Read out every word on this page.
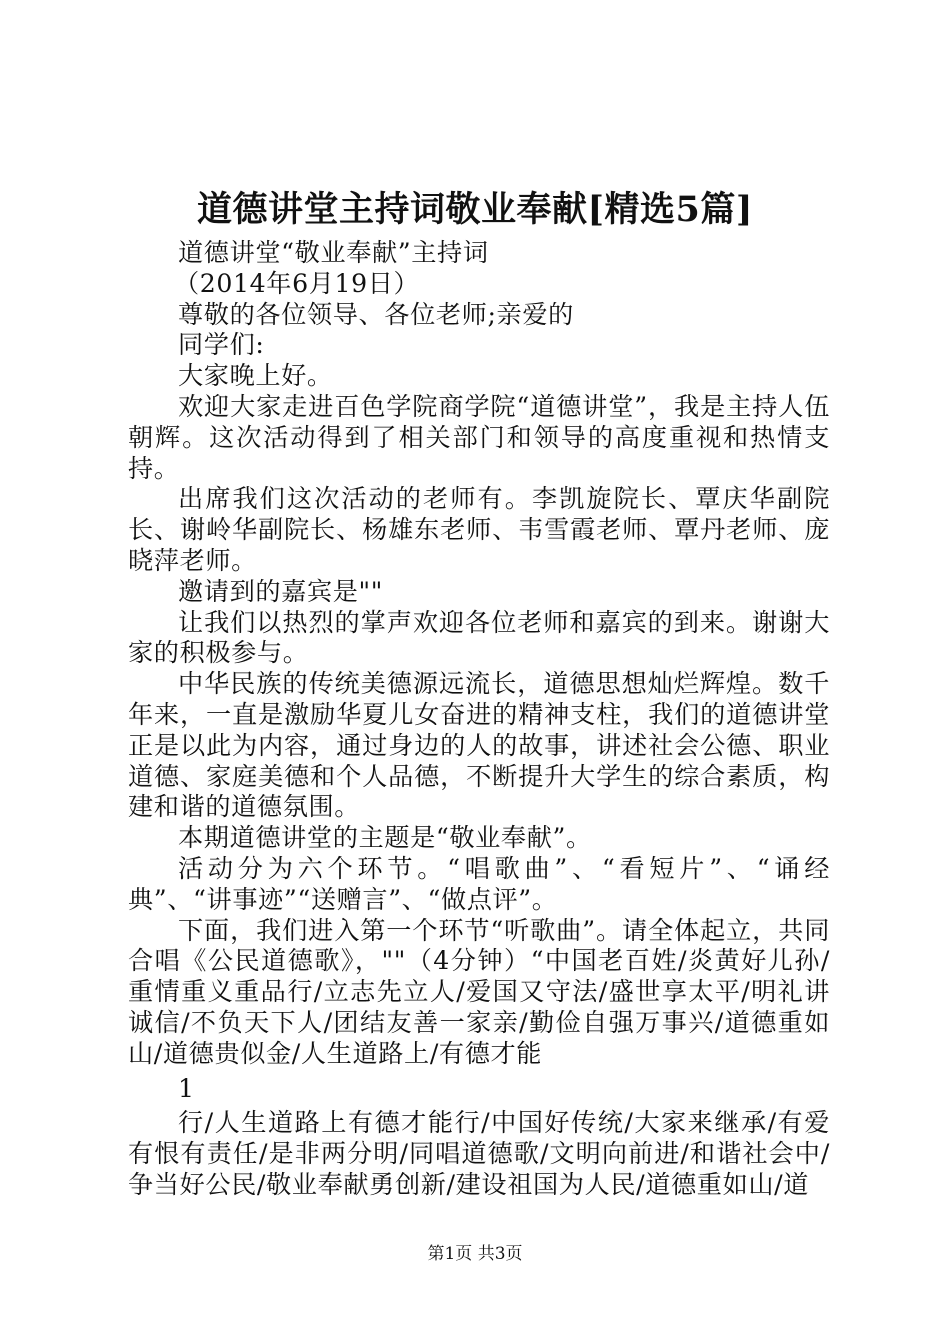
道德讲堂主持词敬业奉献[精选5篇]

道德讲堂“敬业奉献”主持词

（2014年6月19日）

尊敬的各位领导、各位老师;亲爱的

同学们:

大家晚上好。

欢迎大家走进百色学院商学院“道德讲堂”，我是主持人伍朝辉。这次活动得到了相关部门和领导的高度重视和热情支持。

出席我们这次活动的老师有。李凯旋院长、覃庆华副院长、谢岭华副院长、杨雄东老师、韦雪霞老师、覃丹老师、庞晓萍老师。

邀请到的嘉宾是""

让我们以热烈的掌声欢迎各位老师和嘉宾的到来。谢谢大家的积极参与。

中华民族的传统美德源远流长，道德思想灿烂辉煌。数千年来，一直是激励华夏儿女奋进的精神支柱，我们的道德讲堂正是以此为内容，通过身边的人的故事，讲述社会公德、职业道德、家庭美德和个人品德，不断提升大学生的综合素质，构建和谐的道德氛围。

本期道德讲堂的主题是“敬业奉献”。

活动分为六个环节。“唱歌曲”、“看短片”、“诵经典”、“讲事迹”“送赠言”、“做点评”。

下面，我们进入第一个环节“听歌曲”。请全体起立，共同合唱《公民道德歌》，""（4分钟）“中国老百姓/炎黄好儿孙/重情重义重品行/立志先立人/爱国又守法/盛世享太平/明礼讲诚信/不负天下人/团结友善一家亲/勤俭自强万事兴/道德重如山/道德贵似金/人生道路上/有德才能

1

行/人生道路上有德才能行/中国好传统/大家来继承/有爱有恨有责任/是非两分明/同唱道德歌/文明向前进/和谐社会中/争当好公民/敬业奉献勇创新/建设祖国为人民/道德重如山/道

第1页 共3页
